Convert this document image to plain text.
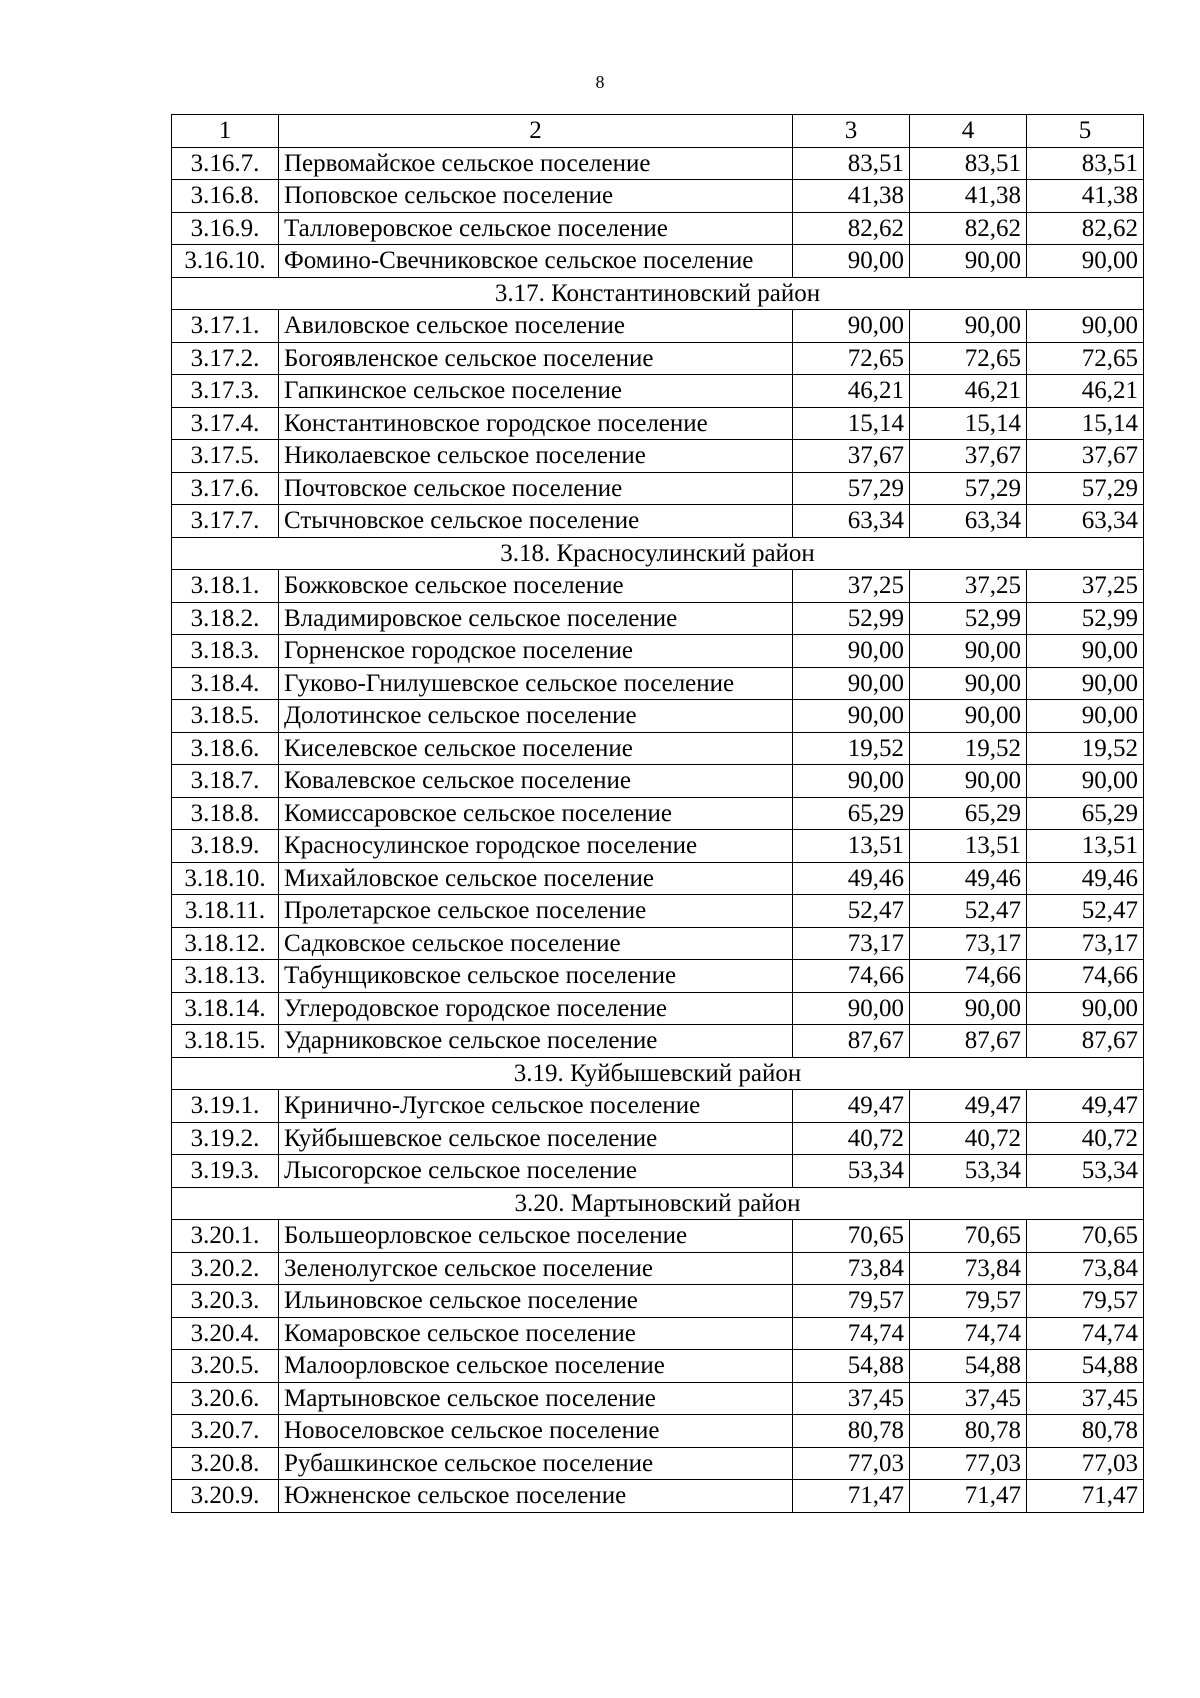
8
1	2	3	4	5
3.16.7.	Первомайское сельское поселение	83,51	83,51	83,51
3.16.8.	Поповское сельское поселение	41,38	41,38	41,38
3.16.9.	Талловеровское сельское поселение	82,62	82,62	82,62
3.16.10.	Фомино-Свечниковское сельское поселение	90,00	90,00	90,00
3.17. Константиновский район				
3.17.1.	Авиловское сельское поселение	90,00	90,00	90,00
3.17.2.	Богоявленское сельское поселение	72,65	72,65	72,65
3.17.3.	Гапкинское сельское поселение	46,21	46,21	46,21
3.17.4.	Константиновское городское поселение	15,14	15,14	15,14
3.17.5.	Николаевское сельское поселение	37,67	37,67	37,67
3.17.6.	Почтовское сельское поселение	57,29	57,29	57,29
3.17.7.	Стычновское сельское поселение	63,34	63,34	63,34
3.18. Красносулинский район				
3.18.1.	Божковское сельское поселение	37,25	37,25	37,25
3.18.2.	Владимировское сельское поселение	52,99	52,99	52,99
3.18.3.	Горненское городское поселение	90,00	90,00	90,00
3.18.4.	Гуково-Гнилушевское сельское поселение	90,00	90,00	90,00
3.18.5.	Долотинское сельское поселение	90,00	90,00	90,00
3.18.6.	Киселевское сельское поселение	19,52	19,52	19,52
3.18.7.	Ковалевское сельское поселение	90,00	90,00	90,00
3.18.8.	Комиссаровское сельское поселение	65,29	65,29	65,29
3.18.9.	Красносулинское городское поселение	13,51	13,51	13,51
3.18.10.	Михайловское сельское поселение	49,46	49,46	49,46
3.18.11.	Пролетарское сельское поселение	52,47	52,47	52,47
3.18.12.	Садковское сельское поселение	73,17	73,17	73,17
3.18.13.	Табунщиковское сельское поселение	74,66	74,66	74,66
3.18.14.	Углеродовское городское поселение	90,00	90,00	90,00
3.18.15.	Ударниковское сельское поселение	87,67	87,67	87,67
3.19. Куйбышевский район				
3.19.1.	Кринично-Лугское сельское поселение	49,47	49,47	49,47
3.19.2.	Куйбышевское сельское поселение	40,72	40,72	40,72
3.19.3.	Лысогорское сельское поселение	53,34	53,34	53,34
3.20. Мартыновский район				
3.20.1.	Большеорловское сельское поселение	70,65	70,65	70,65
3.20.2.	Зеленолугское сельское поселение	73,84	73,84	73,84
3.20.3.	Ильиновское сельское поселение	79,57	79,57	79,57
3.20.4.	Комаровское сельское поселение	74,74	74,74	74,74
3.20.5.	Малоорловское сельское поселение	54,88	54,88	54,88
3.20.6.	Мартыновское сельское поселение	37,45	37,45	37,45
3.20.7.	Новоселовское сельское поселение	80,78	80,78	80,78
3.20.8.	Рубашкинское сельское поселение	77,03	77,03	77,03
3.20.9.	Южненское сельское поселение	71,47	71,47	71,47
